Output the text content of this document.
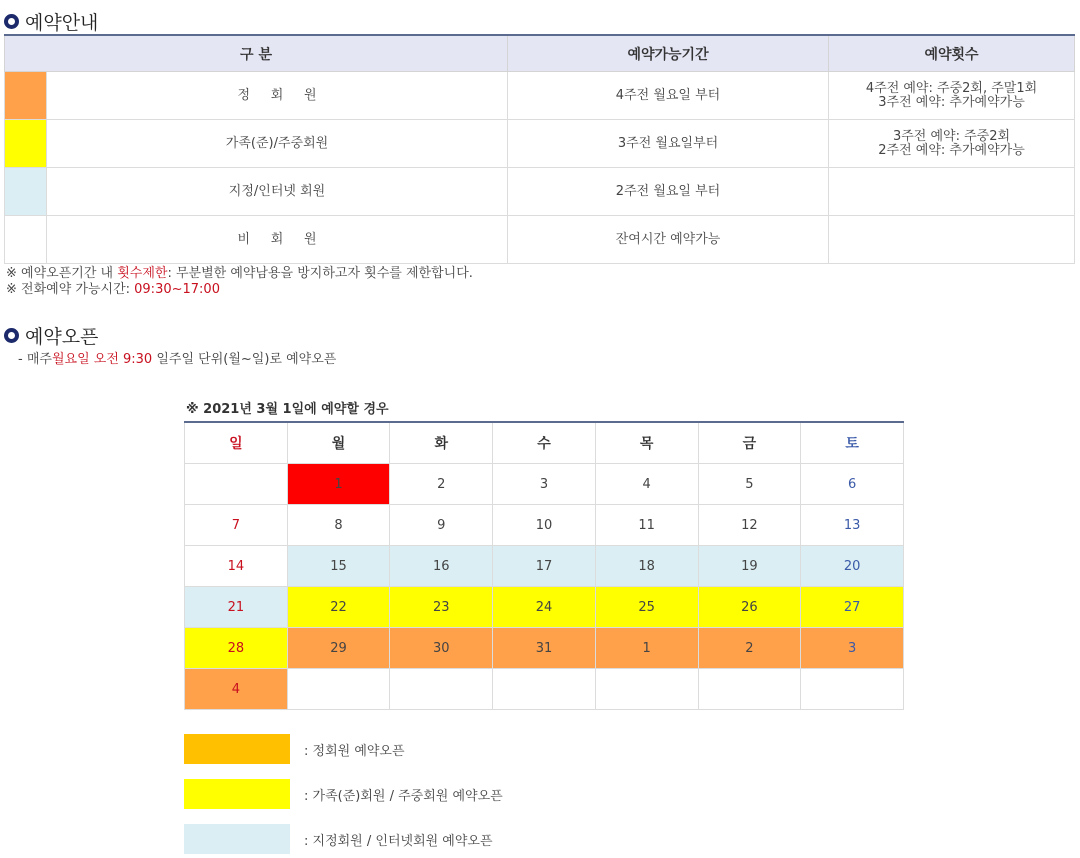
예약안내
구 분		예약가능기간	예약횟수
	정     회     원	4주전 월요일 부터	4주전 예약: 주중2회, 주말1회
3주전 예약: 추가예약가능

	가족(준)/주중회원	3주전 월요일부터	3주전 예약: 주중2회
2주전 예약: 추가예약가능

	지정/인터넷 회원	2주전 월요일 부터	

	비     회     원	잔여시간 예약가능	
※ 예약오픈기간 내 횟수제한: 무분별한 예약남용을 방지하고자 횟수를 제한합니다.
※ 전화예약 가능시간: 09:30~17:00
예약오픈
- 매주월요일 오전 9:30 일주일 단위(월~일)로 예약오픈
※ 2021년 3월 1일에 예약할 경우
일	월	화	수	목	금	토
	1	2	3	4	5	6
7	8	9	10	11	12	13
14	15	16	17	18	19	20
21	22	23	24	25	26	27
28	29	30	31	1	2	3
4						
: 정회원 예약오픈
: 가족(준)회원 / 주중회원 예약오픈
: 지정회원 / 인터넷회원 예약오픈
